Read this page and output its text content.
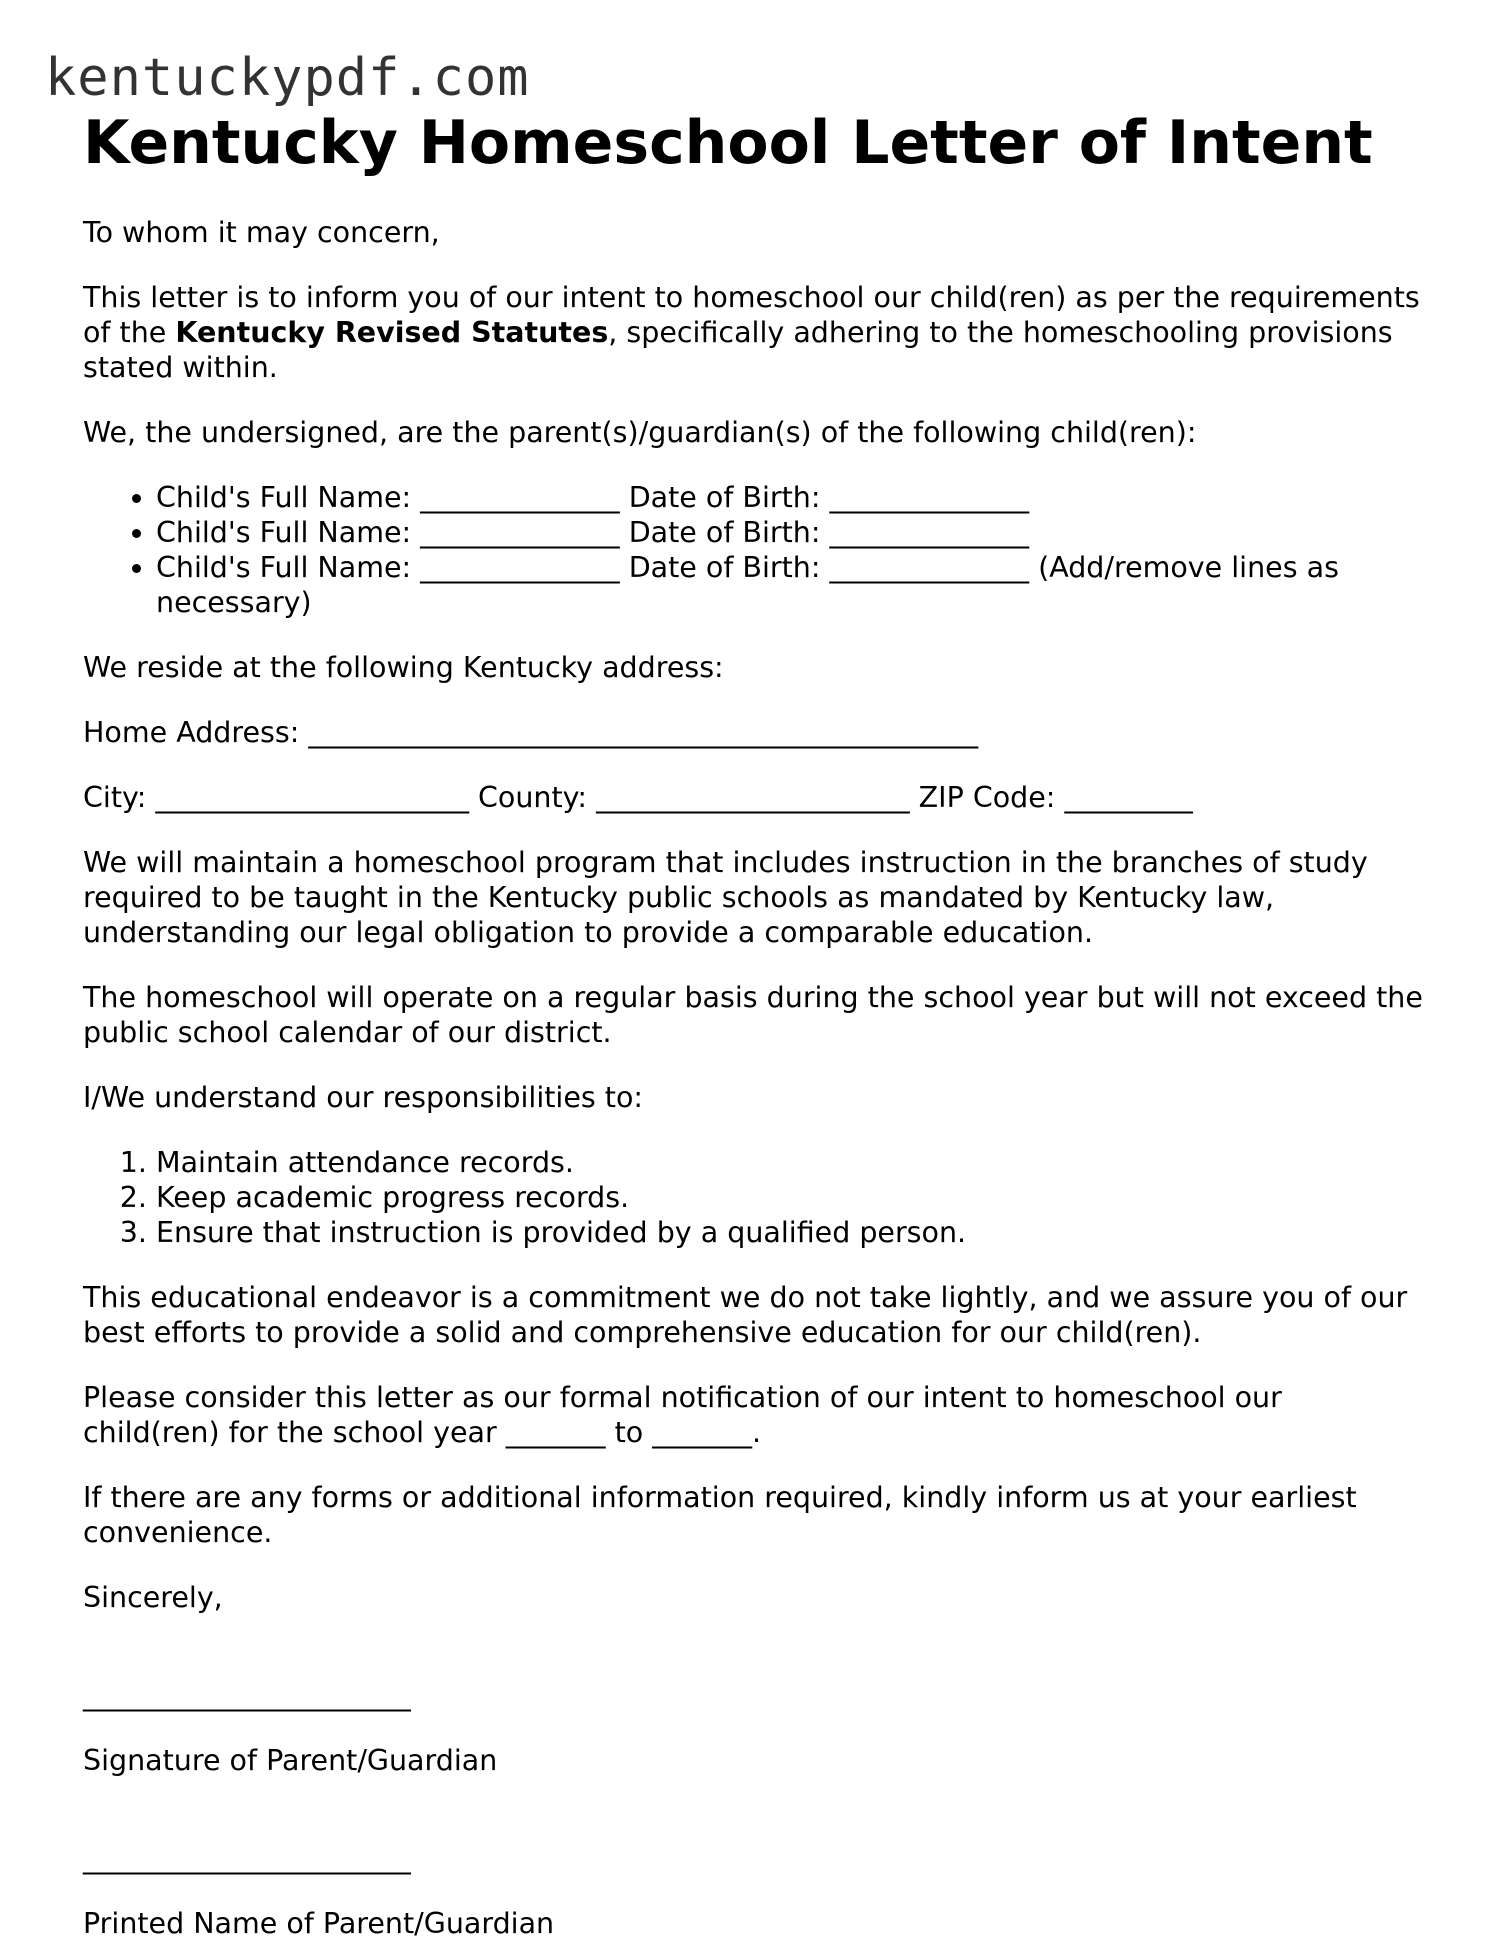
kentuckypdf.com
Kentucky Homeschool Letter of Intent

To whom it may concern,

This letter is to inform you of our intent to homeschool our child(ren) as per the requirements of the Kentucky Revised Statutes, specifically adhering to the homeschooling provisions stated within.

We, the undersigned, are the parent(s)/guardian(s) of the following child(ren):

• Child's Full Name: ______________ Date of Birth: ______________
• Child's Full Name: ______________ Date of Birth: ______________
• Child's Full Name: ______________ Date of Birth: ______________ (Add/remove lines as necessary)

We reside at the following Kentucky address:

Home Address: _______________________________________________

City: ______________________ County: ______________________ ZIP Code: _________

We will maintain a homeschool program that includes instruction in the branches of study required to be taught in the Kentucky public schools as mandated by Kentucky law, understanding our legal obligation to provide a comparable education.

The homeschool will operate on a regular basis during the school year but will not exceed the public school calendar of our district.

I/We understand our responsibilities to:

1. Maintain attendance records.
2. Keep academic progress records.
3. Ensure that instruction is provided by a qualified person.

This educational endeavor is a commitment we do not take lightly, and we assure you of our best efforts to provide a solid and comprehensive education for our child(ren).

Please consider this letter as our formal notification of our intent to homeschool our child(ren) for the school year _______ to _______.

If there are any forms or additional information required, kindly inform us at your earliest convenience.

Sincerely,

_______________________

Signature of Parent/Guardian

_______________________

Printed Name of Parent/Guardian
